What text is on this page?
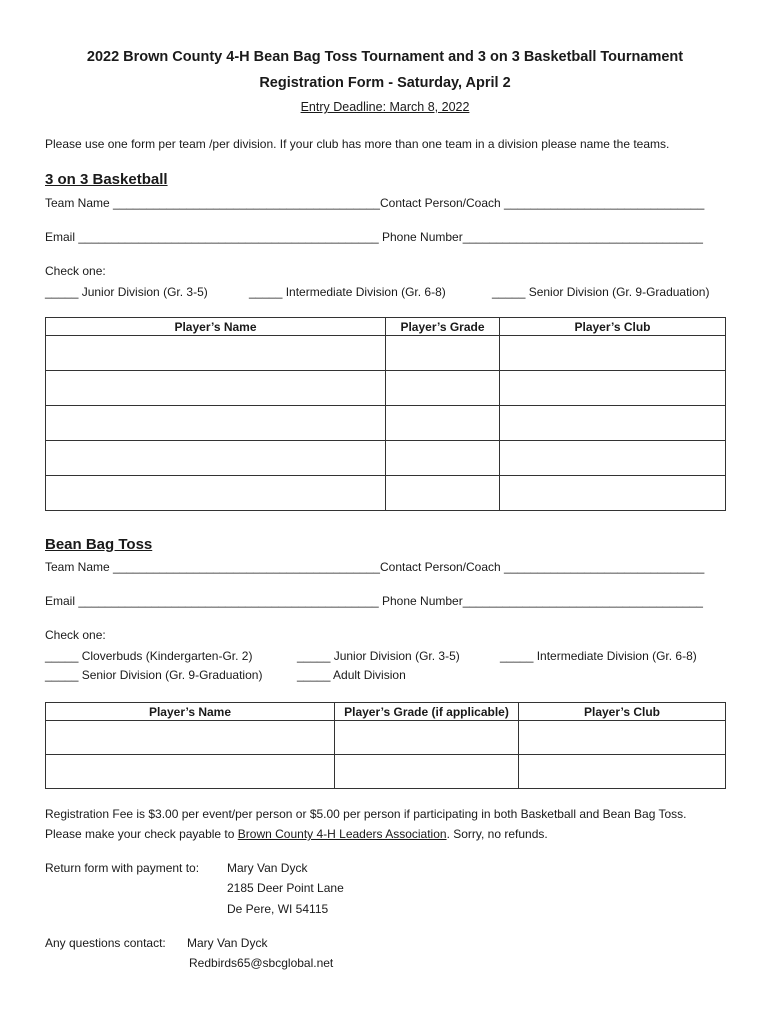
2022 Brown County 4-H Bean Bag Toss Tournament and 3 on 3 Basketball Tournament
Registration Form - Saturday, April 2
Entry Deadline: March 8, 2022
Please use one form per team /per division. If your club has more than one team in a division please name the teams.
3 on 3 Basketball
Team Name ________________________________________Contact Person/Coach ______________________________
Email _____________________________________________ Phone Number____________________________________
Check one:
_____ Junior Division (Gr. 3-5)	_____ Intermediate Division (Gr. 6-8)	_____ Senior Division (Gr. 9-Graduation)
Player’s Name	Player’s Grade	Player’s Club

Bean Bag Toss
Team Name ________________________________________Contact Person/Coach ______________________________
Email _____________________________________________ Phone Number____________________________________
Check one:
_____ Cloverbuds (Kindergarten-Gr. 2)	_____ Junior Division (Gr. 3-5)	_____ Intermediate Division (Gr. 6-8)
_____ Senior Division (Gr. 9-Graduation)	_____ Adult Division
Player’s Name	Player’s Grade (if applicable)	Player’s Club

Registration Fee is $3.00 per event/per person or $5.00 per person if participating in both Basketball and Bean Bag Toss.
Please make your check payable to Brown County 4-H Leaders Association. Sorry, no refunds.
Return form with payment to: Mary Van Dyck
2185 Deer Point Lane
De Pere, WI 54115
Any questions contact: Mary Van Dyck
Redbirds65@sbcglobal.net
